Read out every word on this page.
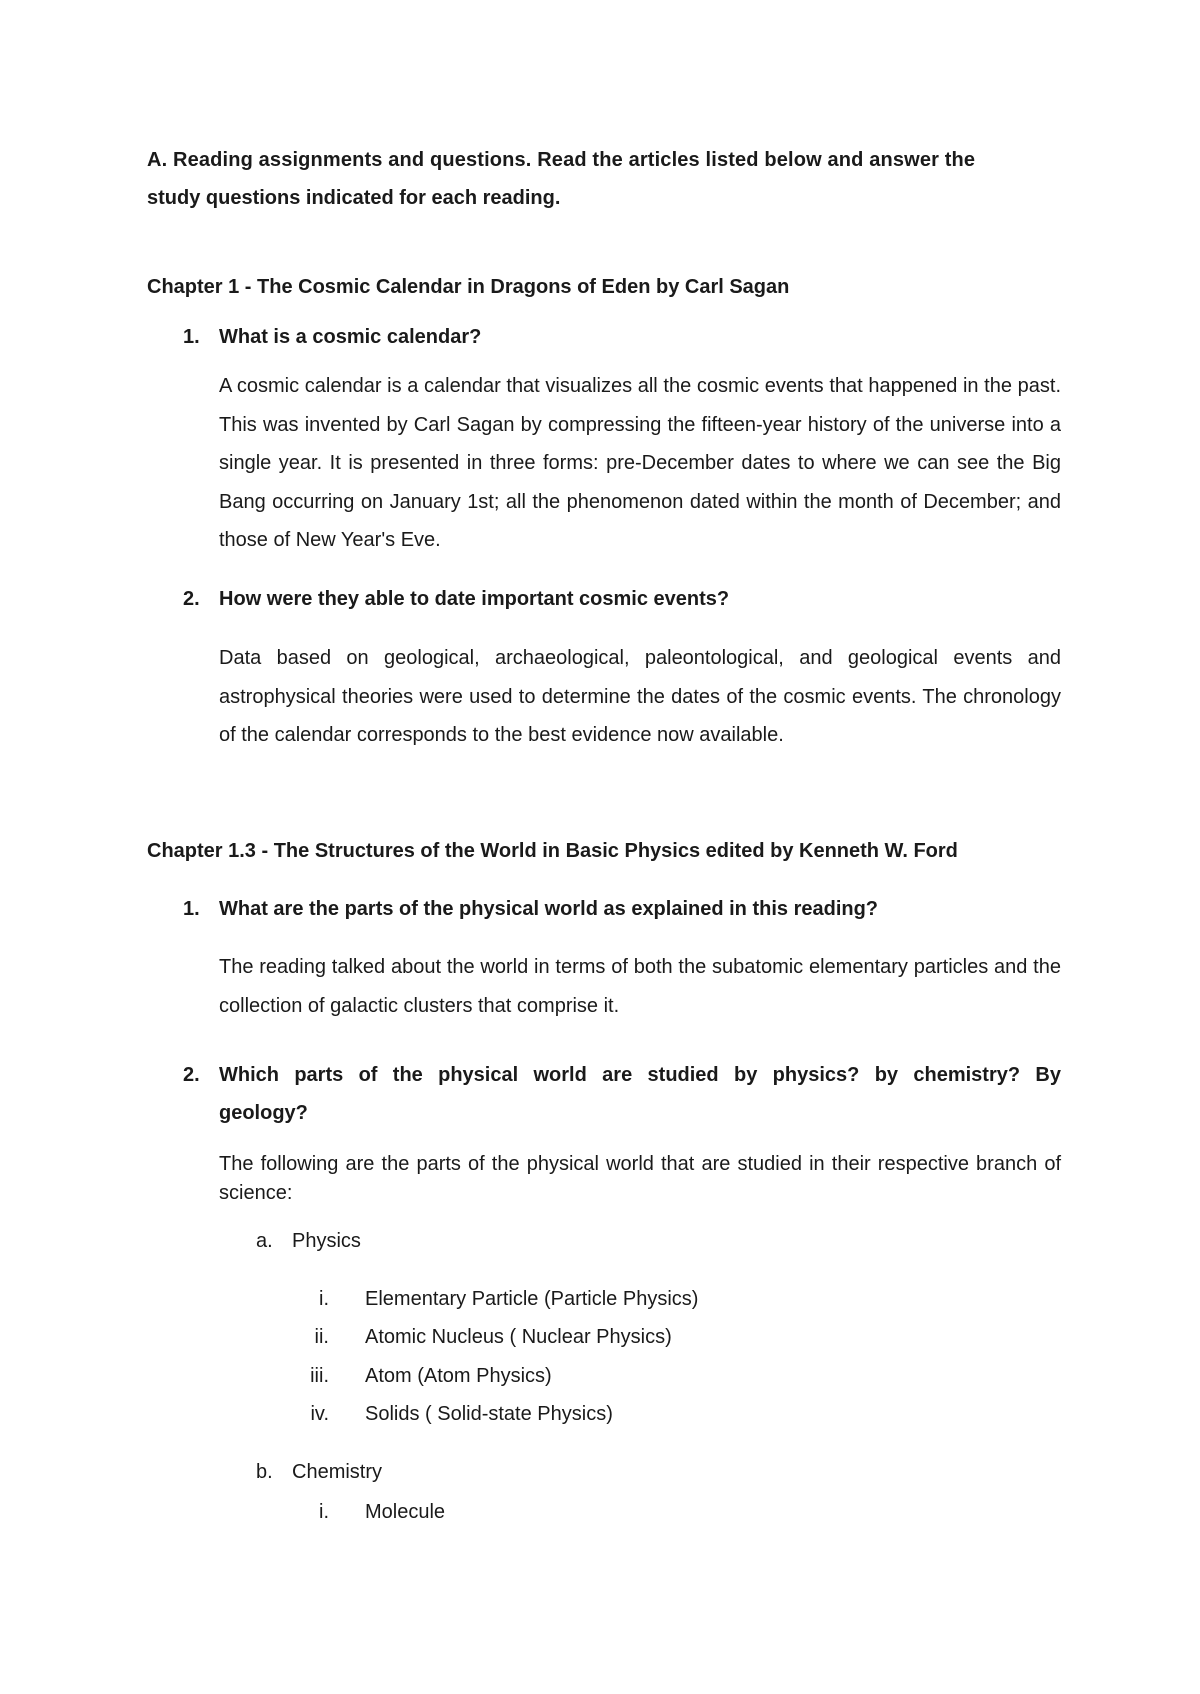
A. Reading assignments and questions. Read the articles listed below and answer the
study questions indicated for each reading.
Chapter 1 - The Cosmic Calendar in Dragons of Eden by Carl Sagan
1. What is a cosmic calendar?
A cosmic calendar is a calendar that visualizes all the cosmic events that happened in the past. This was invented by Carl Sagan by compressing the fifteen-year history of the universe into a single year. It is presented in three forms: pre-December dates to where we can see the Big Bang occurring on January 1st; all the phenomenon dated within the month of December; and those of New Year's Eve.
2. How were they able to date important cosmic events?
Data based on geological, archaeological, paleontological, and geological events and astrophysical theories were used to determine the dates of the cosmic events. The chronology of the calendar corresponds to the best evidence now available.
Chapter 1.3 - The Structures of the World in Basic Physics edited by Kenneth W. Ford
1. What are the parts of the physical world as explained in this reading?
The reading talked about the world in terms of both the subatomic elementary particles and the collection of galactic clusters that comprise it.
2. Which parts of the physical world are studied by physics? by chemistry? By
geology?
The following are the parts of the physical world that are studied in their respective branch of science:
a. Physics
i. Elementary Particle (Particle Physics)
ii. Atomic Nucleus ( Nuclear Physics)
iii. Atom (Atom Physics)
iv. Solids ( Solid-state Physics)
b. Chemistry
i. Molecule
